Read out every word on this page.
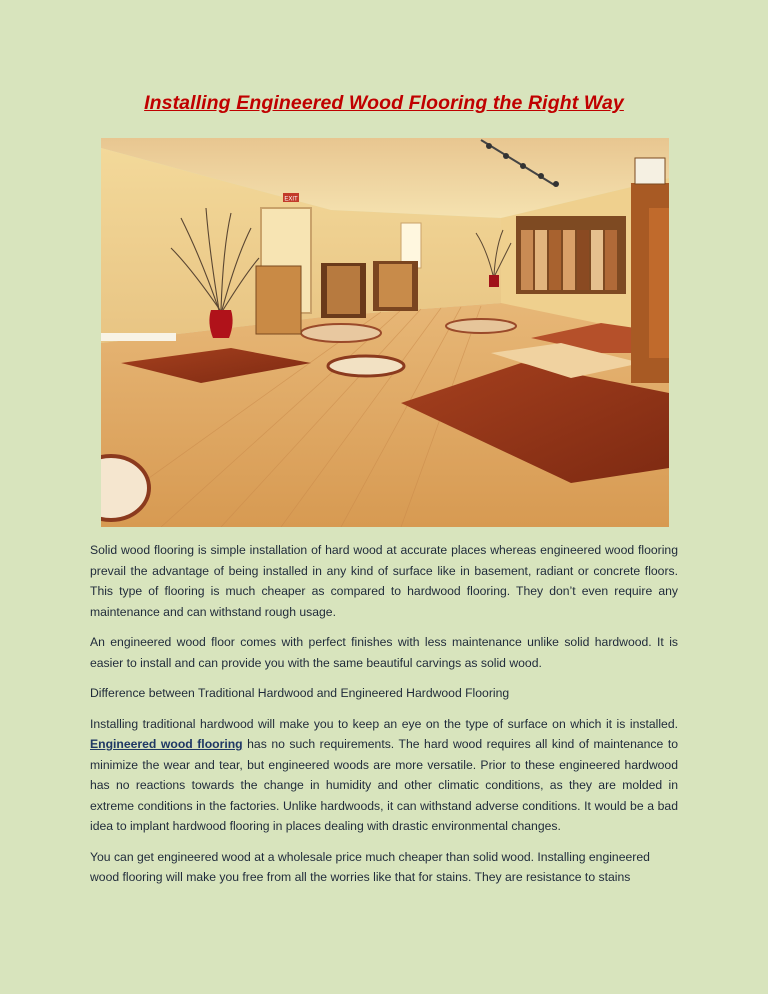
Installing Engineered Wood Flooring the Right Way
EXIT

Solid wood flooring is simple installation of hard wood at accurate places whereas engineered wood flooring prevail the advantage of being installed in any kind of surface like in basement, radiant or concrete floors. This type of flooring is much cheaper as compared to hardwood flooring. They don’t even require any maintenance and can withstand rough usage.

An engineered wood floor comes with perfect finishes with less maintenance unlike solid hardwood. It is easier to install and can provide you with the same beautiful carvings as solid wood.

Difference between Traditional Hardwood and Engineered Hardwood Flooring

Installing traditional hardwood will make you to keep an eye on the type of surface on which it is installed. Engineered wood flooring has no such requirements. The hard wood requires all kind of maintenance to minimize the wear and tear, but engineered woods are more versatile. Prior to these engineered hardwood has no reactions towards the change in humidity and other climatic conditions, as they are molded in extreme conditions in the factories. Unlike hardwoods, it can withstand adverse conditions. It would be a bad idea to implant hardwood flooring in places dealing with drastic environmental changes.

You can get engineered wood at a wholesale price much cheaper than solid wood. Installing engineered wood flooring will make you free from all the worries like that for stains. They are resistance to stains
